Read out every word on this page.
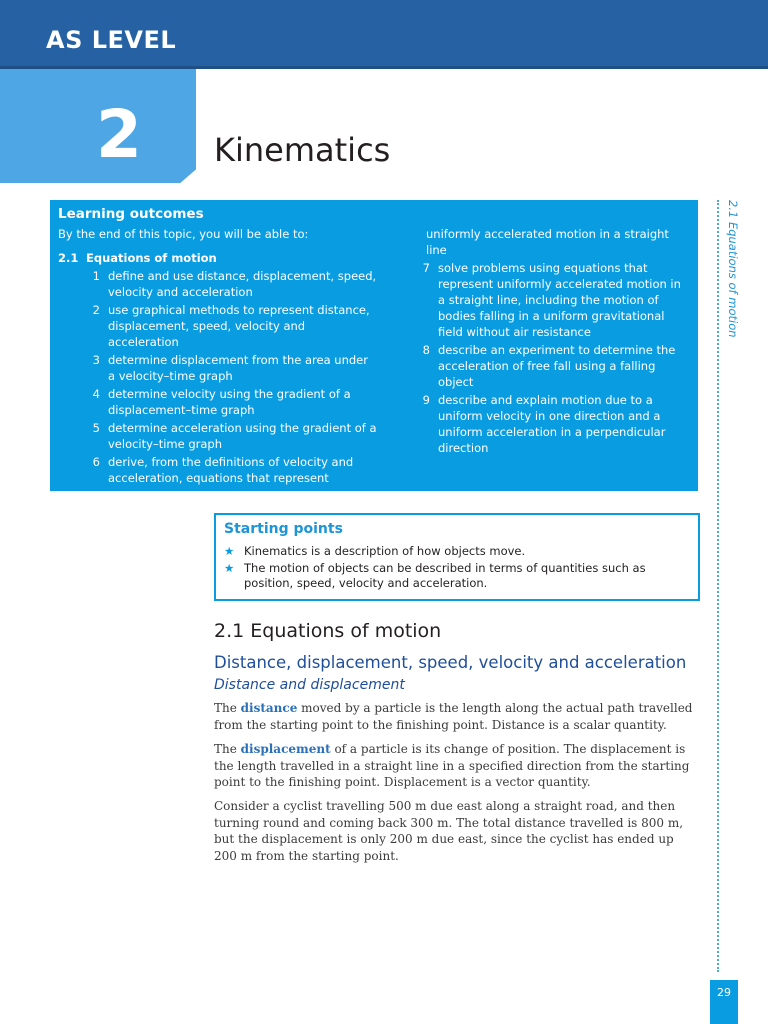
AS LEVEL
2 Kinematics
Learning outcomes
By the end of this topic, you will be able to:
2.1 Equations of motion
1 define and use distance, displacement, speed, velocity and acceleration
2 use graphical methods to represent distance, displacement, speed, velocity and acceleration
3 determine displacement from the area under a velocity–time graph
4 determine velocity using the gradient of a displacement–time graph
5 determine acceleration using the gradient of a velocity–time graph
6 derive, from the definitions of velocity and acceleration, equations that represent
uniformly accelerated motion in a straight line
7 solve problems using equations that represent uniformly accelerated motion in a straight line, including the motion of bodies falling in a uniform gravitational field without air resistance
8 describe an experiment to determine the acceleration of free fall using a falling object
9 describe and explain motion due to a uniform velocity in one direction and a uniform acceleration in a perpendicular direction
Starting points
★ Kinematics is a description of how objects move.
★ The motion of objects can be described in terms of quantities such as position, speed, velocity and acceleration.
2.1 Equations of motion
Distance, displacement, speed, velocity and acceleration
Distance and displacement

The distance moved by a particle is the length along the actual path travelled from the starting point to the finishing point. Distance is a scalar quantity.

The displacement of a particle is its change of position. The displacement is the length travelled in a straight line in a specified direction from the starting point to the finishing point. Displacement is a vector quantity.

Consider a cyclist travelling 500 m due east along a straight road, and then turning round and coming back 300 m. The total distance travelled is 800 m, but the displacement is only 200 m due east, since the cyclist has ended up 200 m from the starting point.

2.1 Equations of motion
29
